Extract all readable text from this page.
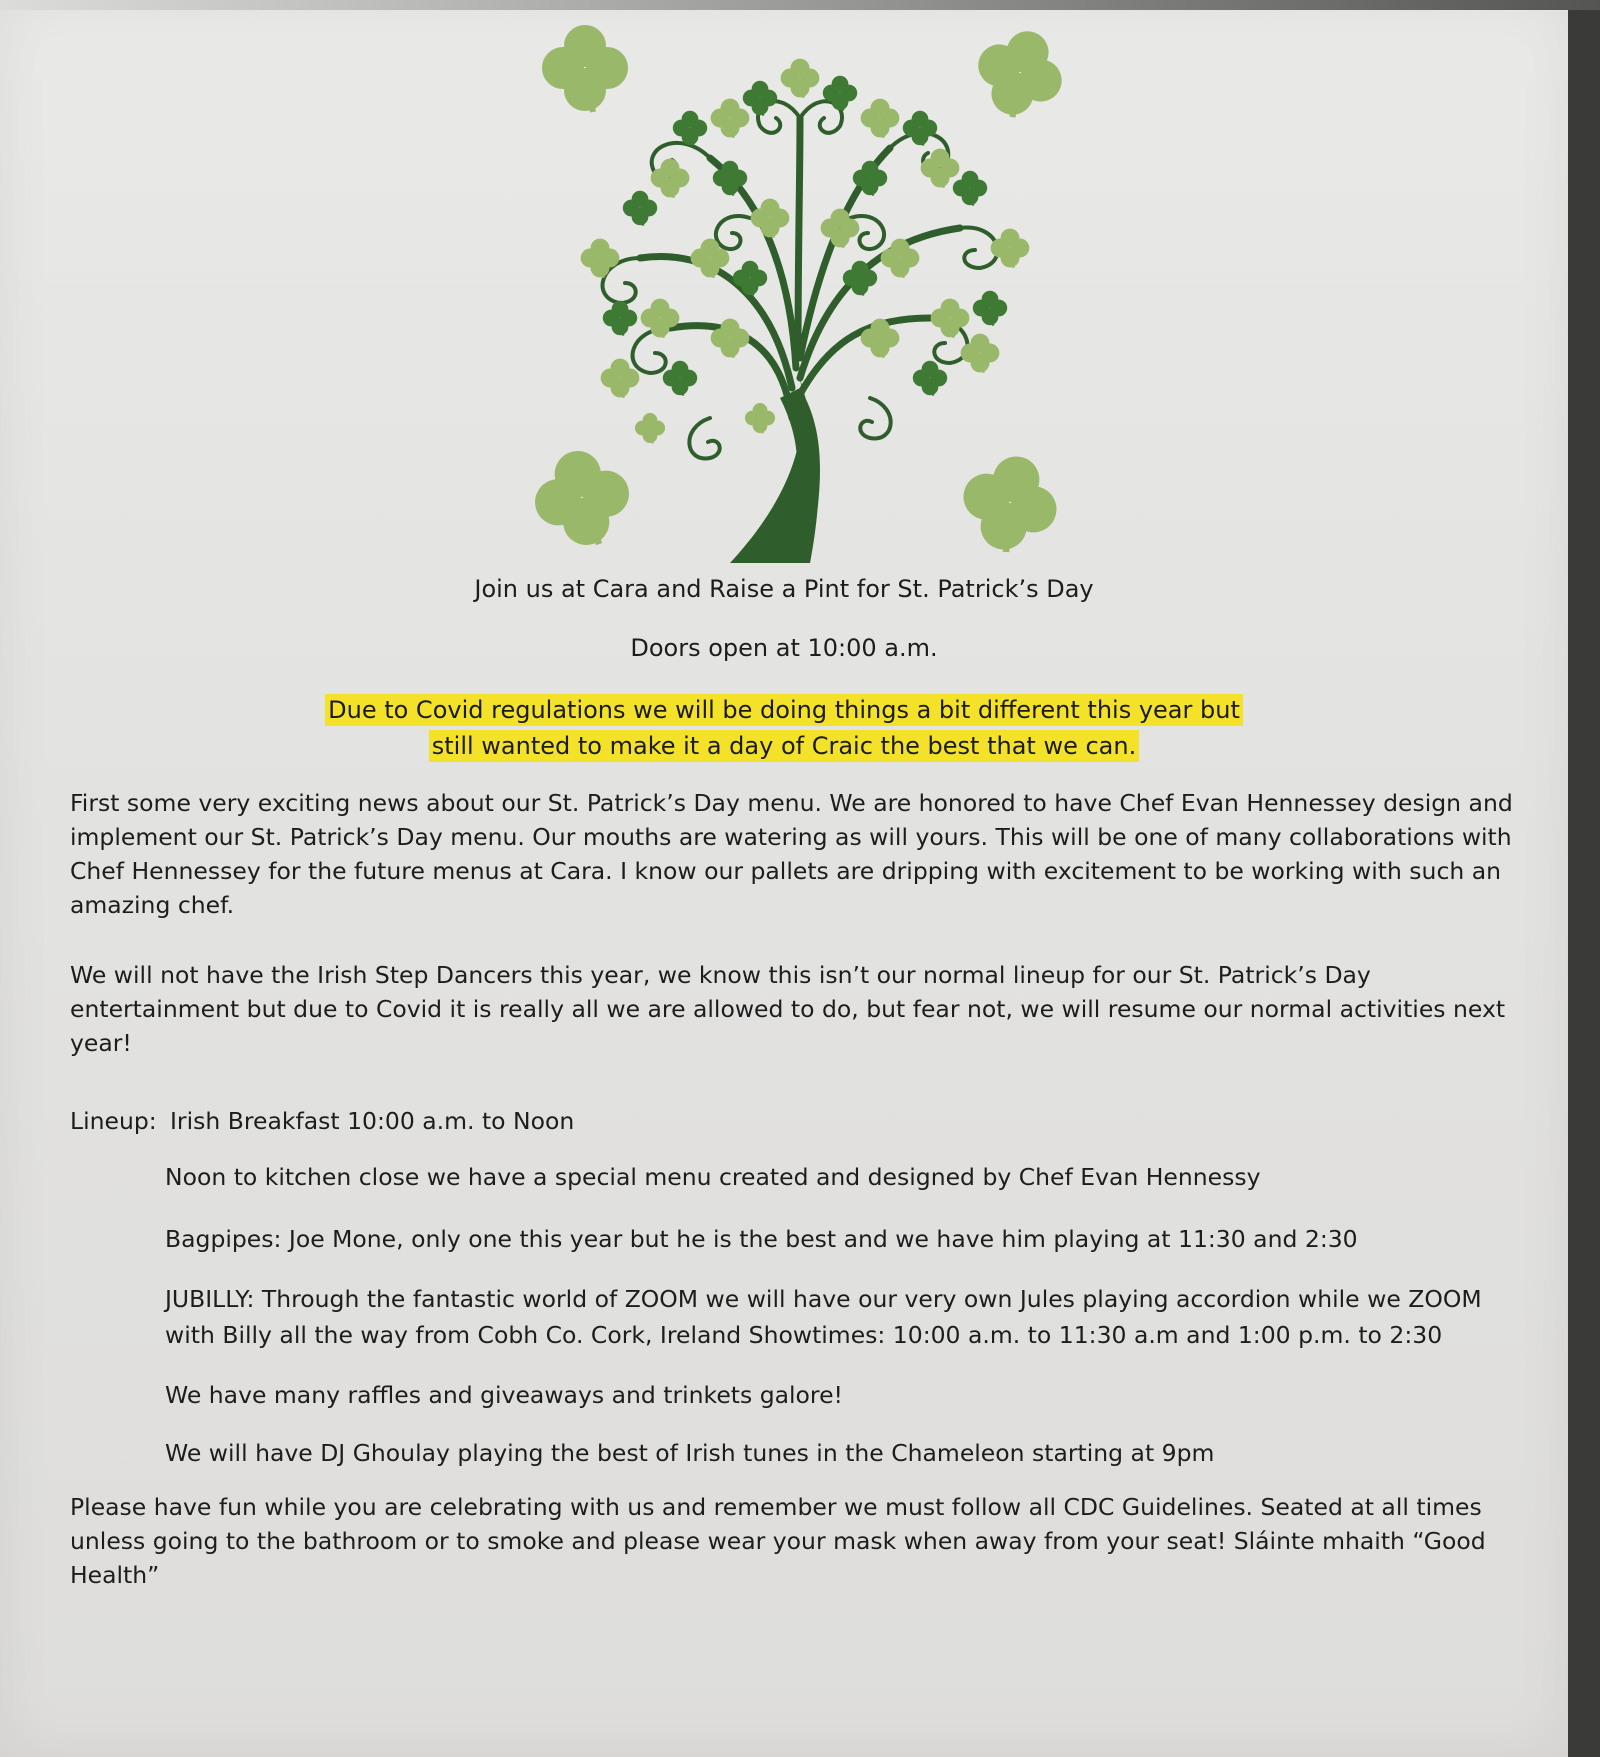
Join us at Cara and Raise a Pint for St. Patrick’s Day
Doors open at 10:00 a.m.
Due to Covid regulations we will be doing things a bit different this year but
still wanted to make it a day of Craic the best that we can.

First some very exciting news about our St. Patrick’s Day menu. We are honored to have Chef Evan Hennessey design and implement our St. Patrick’s Day menu. Our mouths are watering as will yours. This will be one of many collaborations with Chef Hennessey for the future menus at Cara. I know our pallets are dripping with excitement to be working with such an amazing chef.

We will not have the Irish Step Dancers this year, we know this isn’t our normal lineup for our St. Patrick’s Day entertainment but due to Covid it is really all we are allowed to do, but fear not, we will resume our normal activities next year!

Lineup: Irish Breakfast 10:00 a.m. to Noon
Noon to kitchen close we have a special menu created and designed by Chef Evan Hennessy
Bagpipes: Joe Mone, only one this year but he is the best and we have him playing at 11:30 and 2:30
JUBILLY: Through the fantastic world of ZOOM we will have our very own Jules playing accordion while we ZOOM
with Billy all the way from Cobh Co. Cork, Ireland Showtimes: 10:00 a.m. to 11:30 a.m and 1:00 p.m. to 2:30
We have many raffles and giveaways and trinkets galore!
We will have DJ Ghoulay playing the best of Irish tunes in the Chameleon starting at 9pm

Please have fun while you are celebrating with us and remember we must follow all CDC Guidelines. Seated at all times unless going to the bathroom or to smoke and please wear your mask when away from your seat! Sláinte mhaith “Good Health”
